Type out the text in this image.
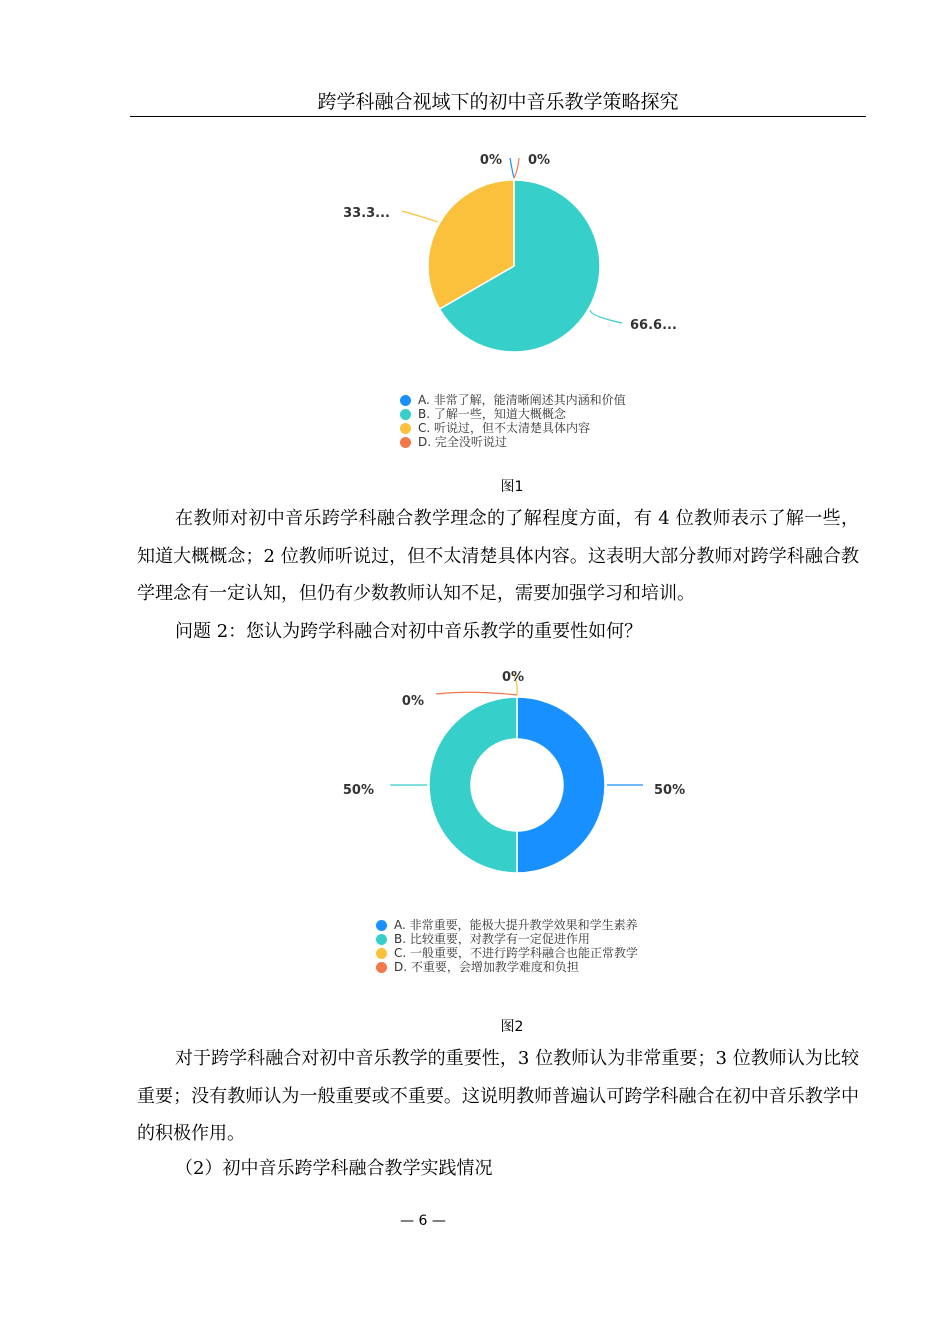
跨学科融合视域下的初中音乐教学策略探究
0%
66.6...
33.3...
0%
A. 非常了解，能清晰阐述其内涵和价值
B. 了解一些，知道大概概念
C. 听说过，但不太清楚具体内容
D. 完全没听说过
图1

在教师对初中音乐跨学科融合教学理念的了解程度方面，有 4 位教师表示了解一些，知道大概概念；2 位教师听说过，但不太清楚具体内容。这表明大部分教师对跨学科融合教学理念有一定认知，但仍有少数教师认知不足，需要加强学习和培训。

问题 2：您认为跨学科融合对初中音乐教学的重要性如何？
50%
50%
0%
0%
A. 非常重要，能极大提升教学效果和学生素养
B. 比较重要，对教学有一定促进作用
C. 一般重要，不进行跨学科融合也能正常教学
D. 不重要，会增加教学难度和负担
图2

对于跨学科融合对初中音乐教学的重要性，3 位教师认为非常重要；3 位教师认为比较重要；没有教师认为一般重要或不重要。这说明教师普遍认可跨学科融合在初中音乐教学中的积极作用。

（2）初中音乐跨学科融合教学实践情况
— 6 —
